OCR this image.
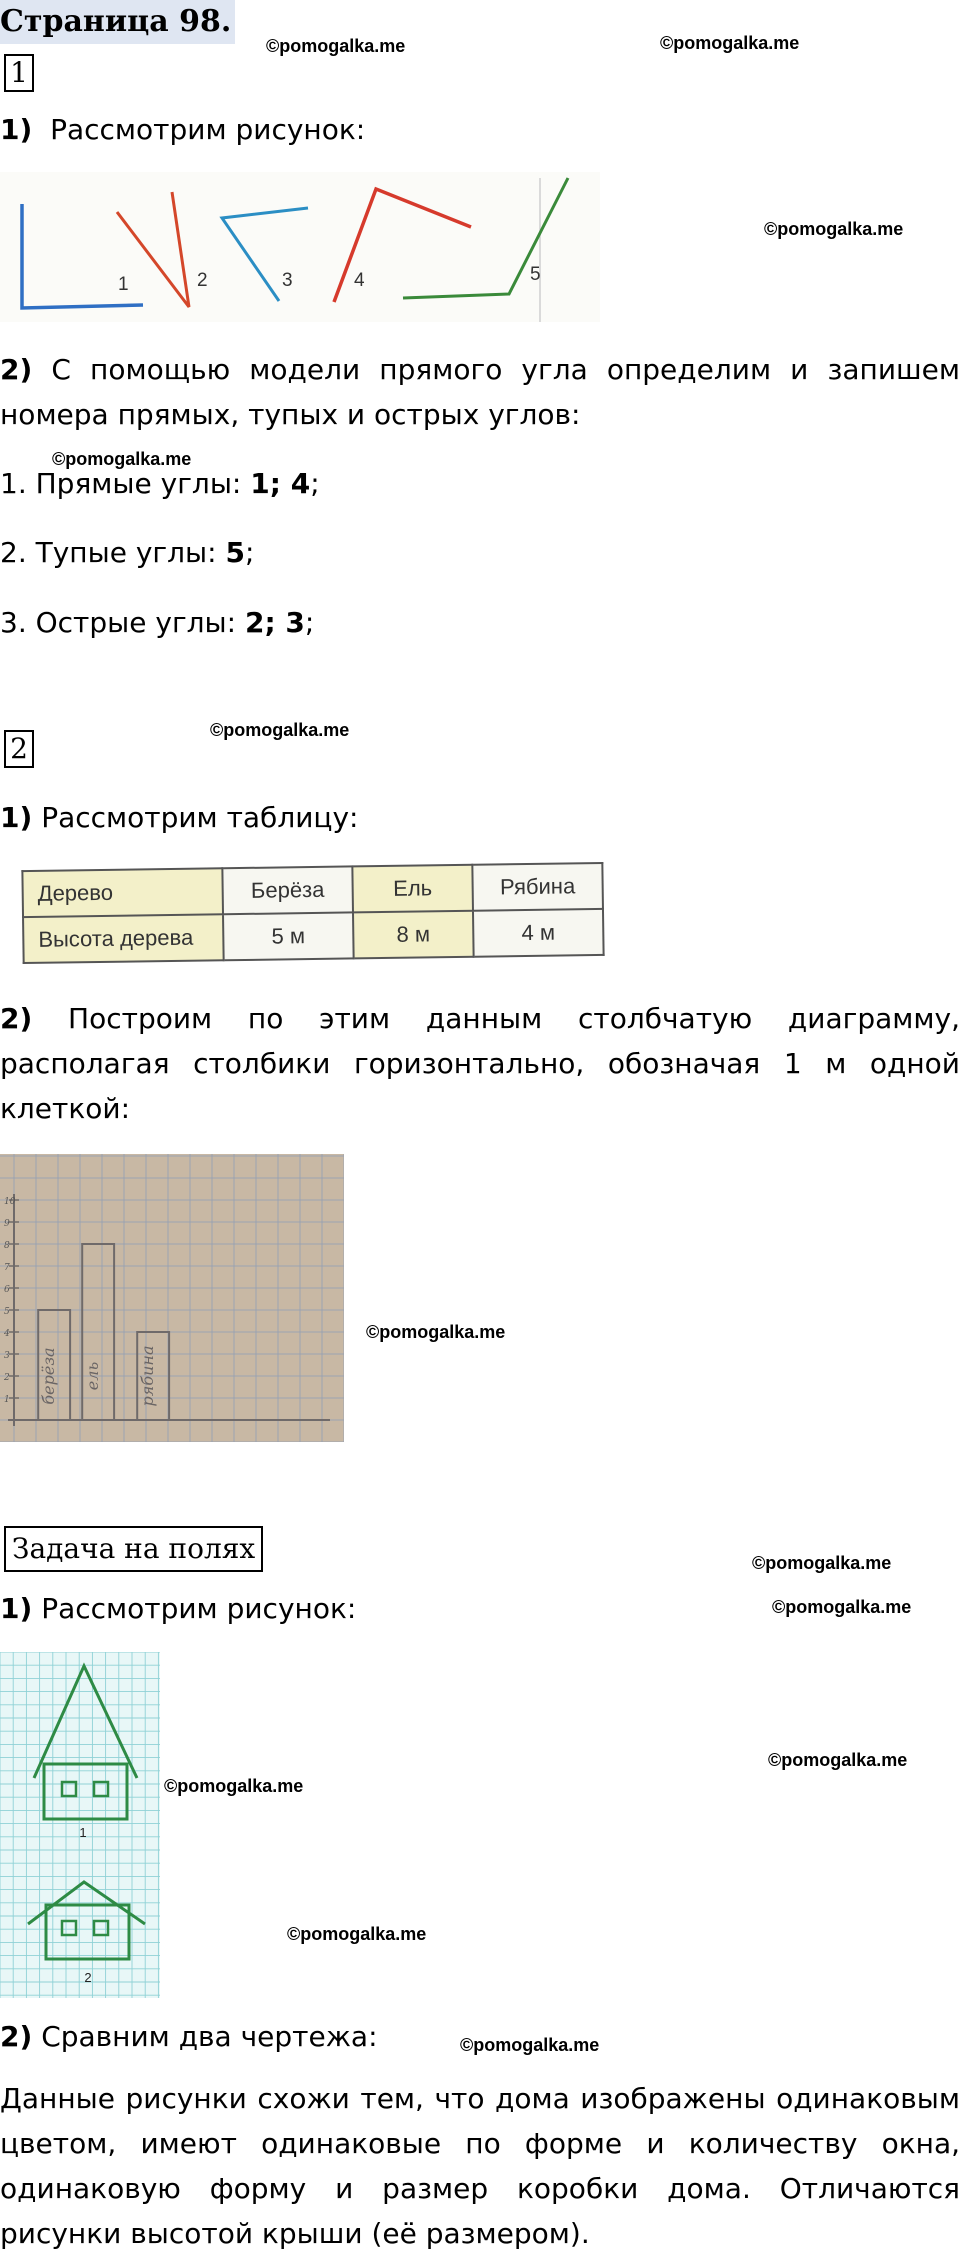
Страница 98.
©pomogalka.me	©pomogalka.me
1
1) Рассмотрим рисунок:
1	2	3	4	5
©pomogalka.me
2) С помощью модели прямого угла определим и запишем номера прямых, тупых и острых углов:
©pomogalka.me
1. Прямые углы: 1; 4;
2. Тупые углы: 5;
3. Острые углы: 2; 3;
2
©pomogalka.me
1) Рассмотрим таблицу:
Дерево	Берёза	Ель	Рябина
Высота дерева	5 м	8 м	4 м
2) Построим по этим данным столбчатую диаграмму, располагая столбики горизонтально, обозначая 1 м одной клеткой:
1
2
3
4
5
6
7
8
9
10
берёза ель рябина
©pomogalka.me
Задача на полях	©pomogalka.me
©pomogalka.me
1) Рассмотрим рисунок:
1
2
©pomogalka.me
©pomogalka.me
©pomogalka.me
2) Сравним два чертежа:	©pomogalka.me
Данные рисунки схожи тем, что дома изображены одинаковым цветом, имеют одинаковые по форме и количеству окна, одинаковую форму и размер коробки дома. Отличаются рисунки высотой крыши (её размером).
